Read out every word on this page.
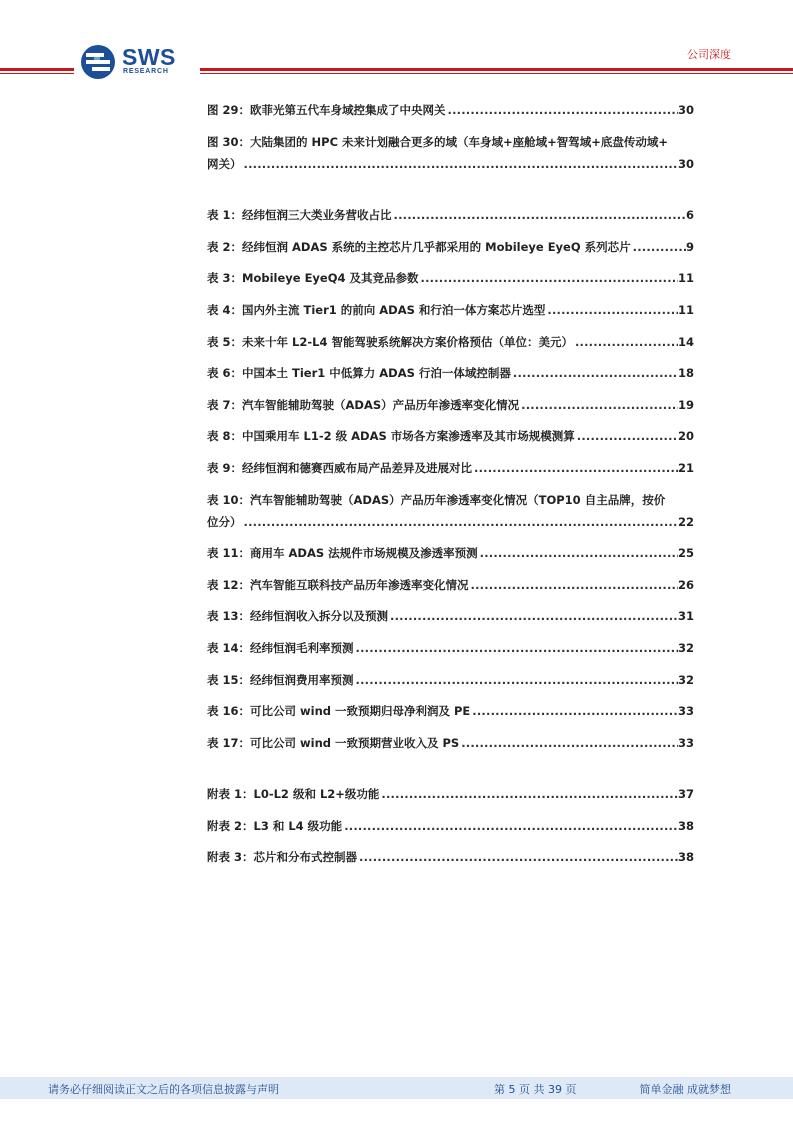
SWS
RESEARCH
公司深度
图 29：欧菲光第五代车身域控集成了中央网关 .....	30
图 30：大陆集团的 HPC 未来计划融合更多的域（车身域+座舱域+智驾域+底盘传动域+
网关） .....	30
表 1：经纬恒润三大类业务营收占比 .....	6
表 2：经纬恒润 ADAS 系统的主控芯片几乎都采用的 Mobileye EyeQ 系列芯片 .....	9
表 3：Mobileye EyeQ4 及其竞品参数 .....	11
表 4：国内外主流 Tier1 的前向 ADAS 和行泊一体方案芯片选型 .....	11
表 5：未来十年 L2-L4 智能驾驶系统解决方案价格预估（单位：美元） .....	14
表 6：中国本土 Tier1 中低算力 ADAS 行泊一体域控制器 .....	18
表 7：汽车智能辅助驾驶（ADAS）产品历年渗透率变化情况 .....	19
表 8：中国乘用车 L1-2 级 ADAS 市场各方案渗透率及其市场规模测算 .....	20
表 9：经纬恒润和德赛西威布局产品差异及进展对比 .....	21
表 10：汽车智能辅助驾驶（ADAS）产品历年渗透率变化情况（TOP10 自主品牌，按价
位分） .....	22
表 11：商用车 ADAS 法规件市场规模及渗透率预测 .....	25
表 12：汽车智能互联科技产品历年渗透率变化情况 .....	26
表 13：经纬恒润收入拆分以及预测 .....	31
表 14：经纬恒润毛利率预测 .....	32
表 15：经纬恒润费用率预测 .....	32
表 16：可比公司 wind 一致预期归母净利润及 PE .....	33
表 17：可比公司 wind 一致预期营业收入及 PS .....	33
附表 1：L0-L2 级和 L2+级功能 .....	37
附表 2：L3 和 L4 级功能 .....	38
附表 3：芯片和分布式控制器 .....	38
请务必仔细阅读正文之后的各项信息披露与声明	第 5 页 共 39 页	简单金融 成就梦想
